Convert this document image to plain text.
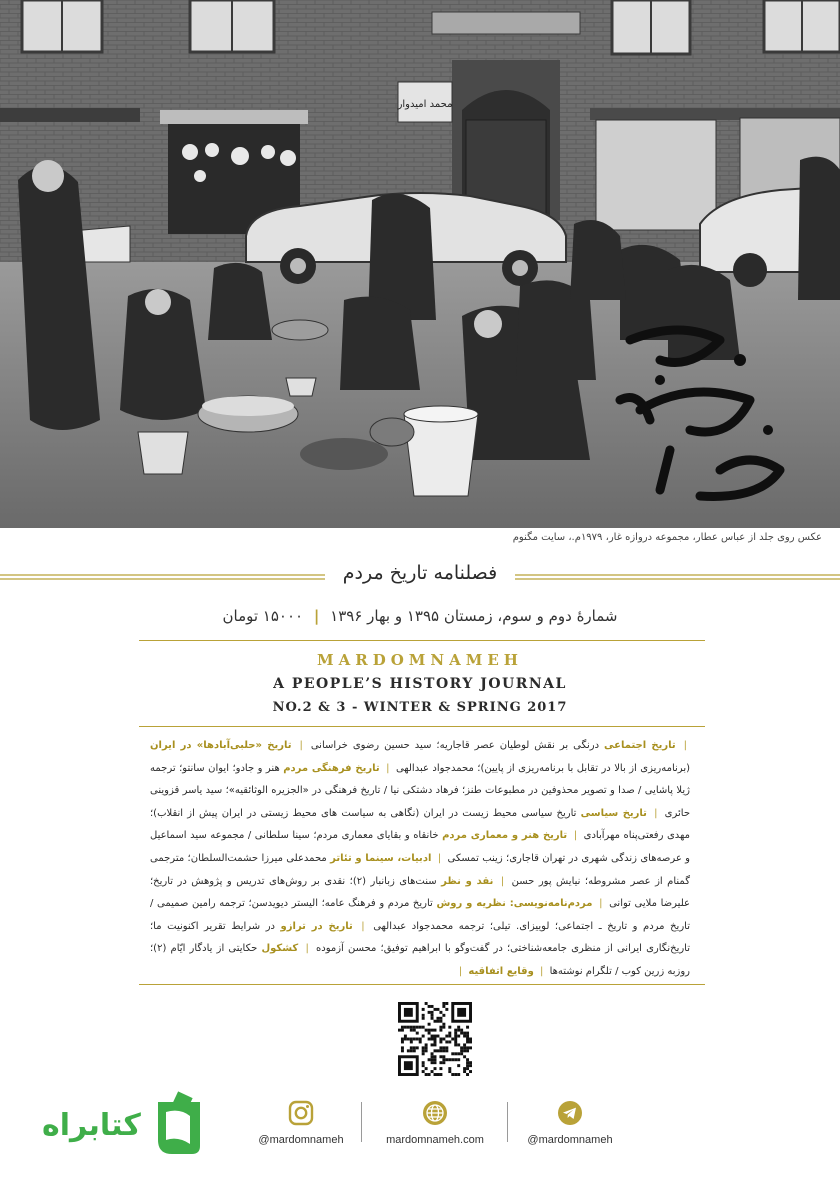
محمد امیدوار
مردم نامه
عکس روی جلد از عباس عطار، مجموعه دروازه غار، ۱۹۷۹م.، سایت مگنوم
فصلنامه تاریخ مردم
شمارهٔ دوم و سوم، زمستان ۱۳۹۵ و بهار ۱۳۹۶ | ۱۵۰۰۰ تومان
MARDOMNAMEH
A PEOPLE’S HISTORY JOURNAL
NO.2 & 3 - WINTER & SPRING 2017
| تاریخ اجتماعی درنگی بر نقش لوطیان عصر قاجاریه؛ سید حسین رضوی خراسانی | تاریخ «حلبی‌آبادها» در ایران (برنامه‌ریزی از بالا در تقابل با برنامه‌ریزی از پایین)؛ محمدجواد عبدالهی | تاریخ فرهنگی مردم هنر و جادو؛ ایوان سانتو؛ ترجمه ژیلا پاشایی / صدا و تصویر محذوفین در مطبوعات طنز؛ فرهاد دشتکی نیا / تاریخ فرهنگی در «الجزیره الوثائقیه»؛ سید یاسر قزوینی حائری | تاریخ سیاسی تاریخ سیاسی محیط زیست در ایران (نگاهی به سیاست های محیط زیستی در ایران پیش از انقلاب)؛ مهدی رفعتی‌پناه مهرآبادی | تاریخ هنر و معماری مردم خانقاه و بقایای معماری مردم؛ سینا سلطانی / مجموعه سید اسماعیل و عرصه‌های زندگی شهری در تهران قاجاری؛ زینب تمسکی | ادبیات، سینما و تئاتر محمدعلی میرزا حشمت‌السلطان؛ مترجمی گمنام از عصر مشروطه؛ نیایش پور حسن | نقد و نظر سنت‌های زبانبار (۲)؛ نقدی بر روش‌های تدریس و پژوهش در تاریخ؛ علیرضا ملایی توانی | مردم‌نامه‌نویسی: نظریه و روش تاریخ مردم و فرهنگ عامه؛ الیستر دیویدسن؛ ترجمه رامین صمیمی / تاریخ مردم و تاریخ ـ اجتماعی؛ لوییزای. تیلی؛ ترجمه محمدجواد عبدالهی | تاریخ در ترازو در شرایط تقریر اکنونیت ما؛ تاریخ‌نگاری ایرانی از منظری جامعه‌شناختی؛ در گفت‌وگو با ابراهیم توفیق؛ محسن آزموده | کشکول حکایتی از یادگار ایّام (۲)؛ روزبه زرین کوب / تلگرام نوشته‌ها | وقایع اتفاقیه |
@mardomnameh	mardomnameh.com	@mardomnameh
کتابراه
